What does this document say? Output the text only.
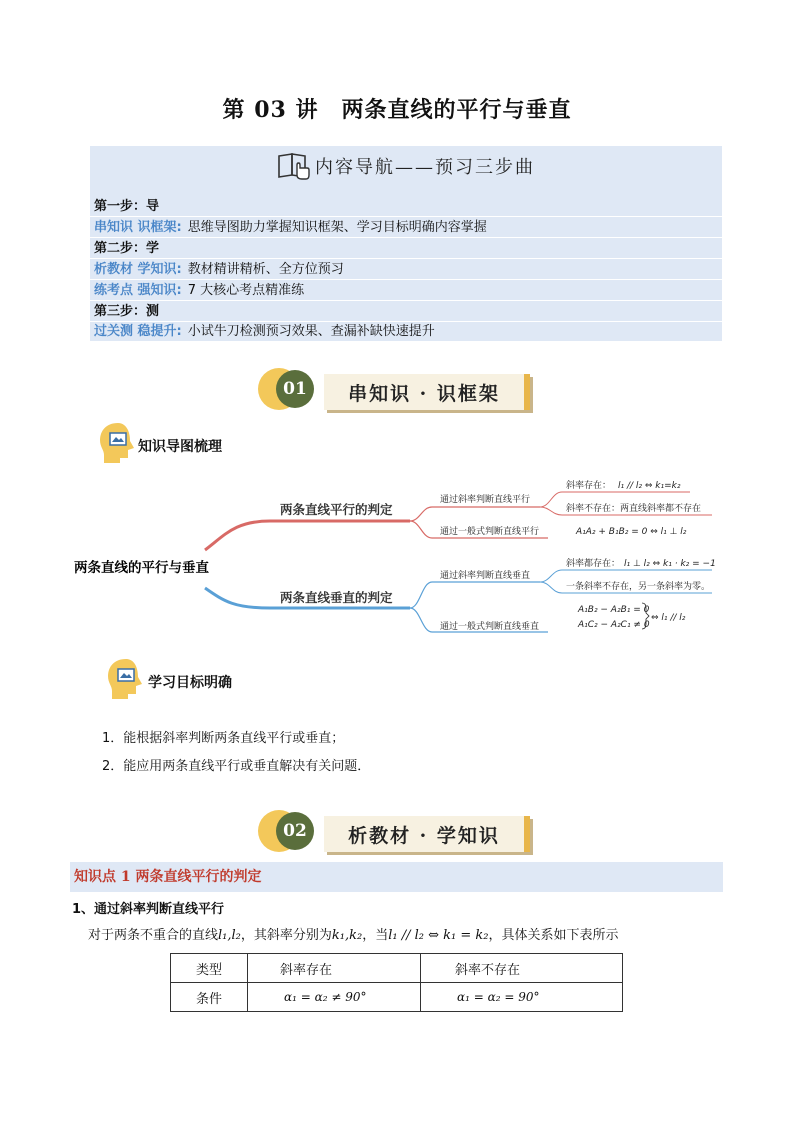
第 03 讲　两条直线的平行与垂直
内容导航——预习三步曲
第一步：导
串知识 识框架: 思维导图助力掌握知识框架、学习目标明确内容掌握
第二步：学
析教材 学知识: 教材精讲精析、全方位预习
练考点 强知识: 7 大核心考点精准练
第三步：测
过关测 稳提升: 小试牛刀检测预习效果、查漏补缺快速提升
01	串知识 · 识框架
知识导图梳理
两条直线的平行与垂直
两条直线平行的判定
两条直线垂直的判定
通过斜率判断直线平行
通过一般式判断直线平行
斜率存在： l₁ // l₂ ⇔ k₁=k₂
斜率不存在：两直线斜率都不存在
A₁A₂ + B₁B₂ = 0 ⇔ l₁ ⊥ l₂
通过斜率判断直线垂直
通过一般式判断直线垂直
斜率都存在： l₁ ⊥ l₂ ⇔ k₁ · k₂ = −1
一条斜率不存在，另一条斜率为零。
A₁B₂ − A₂B₁ = 0
A₁C₂ − A₂C₁ ≠ 0
⇔ l₁ // l₂
学习目标明确
1．能根据斜率判断两条直线平行或垂直；
2．能应用两条直线平行或垂直解决有关问题．
02	析教材 · 学知识
知识点 1 两条直线平行的判定
1、通过斜率判断直线平行
对于两条不重合的直线l₁,l₂，其斜率分别为k₁,k₂，当l₁ // l₂ ⇔ k₁ = k₂，具体关系如下表所示
类型	斜率存在	斜率不存在
条件	α₁ = α₂ ≠ 90°	α₁ = α₂ = 90°
